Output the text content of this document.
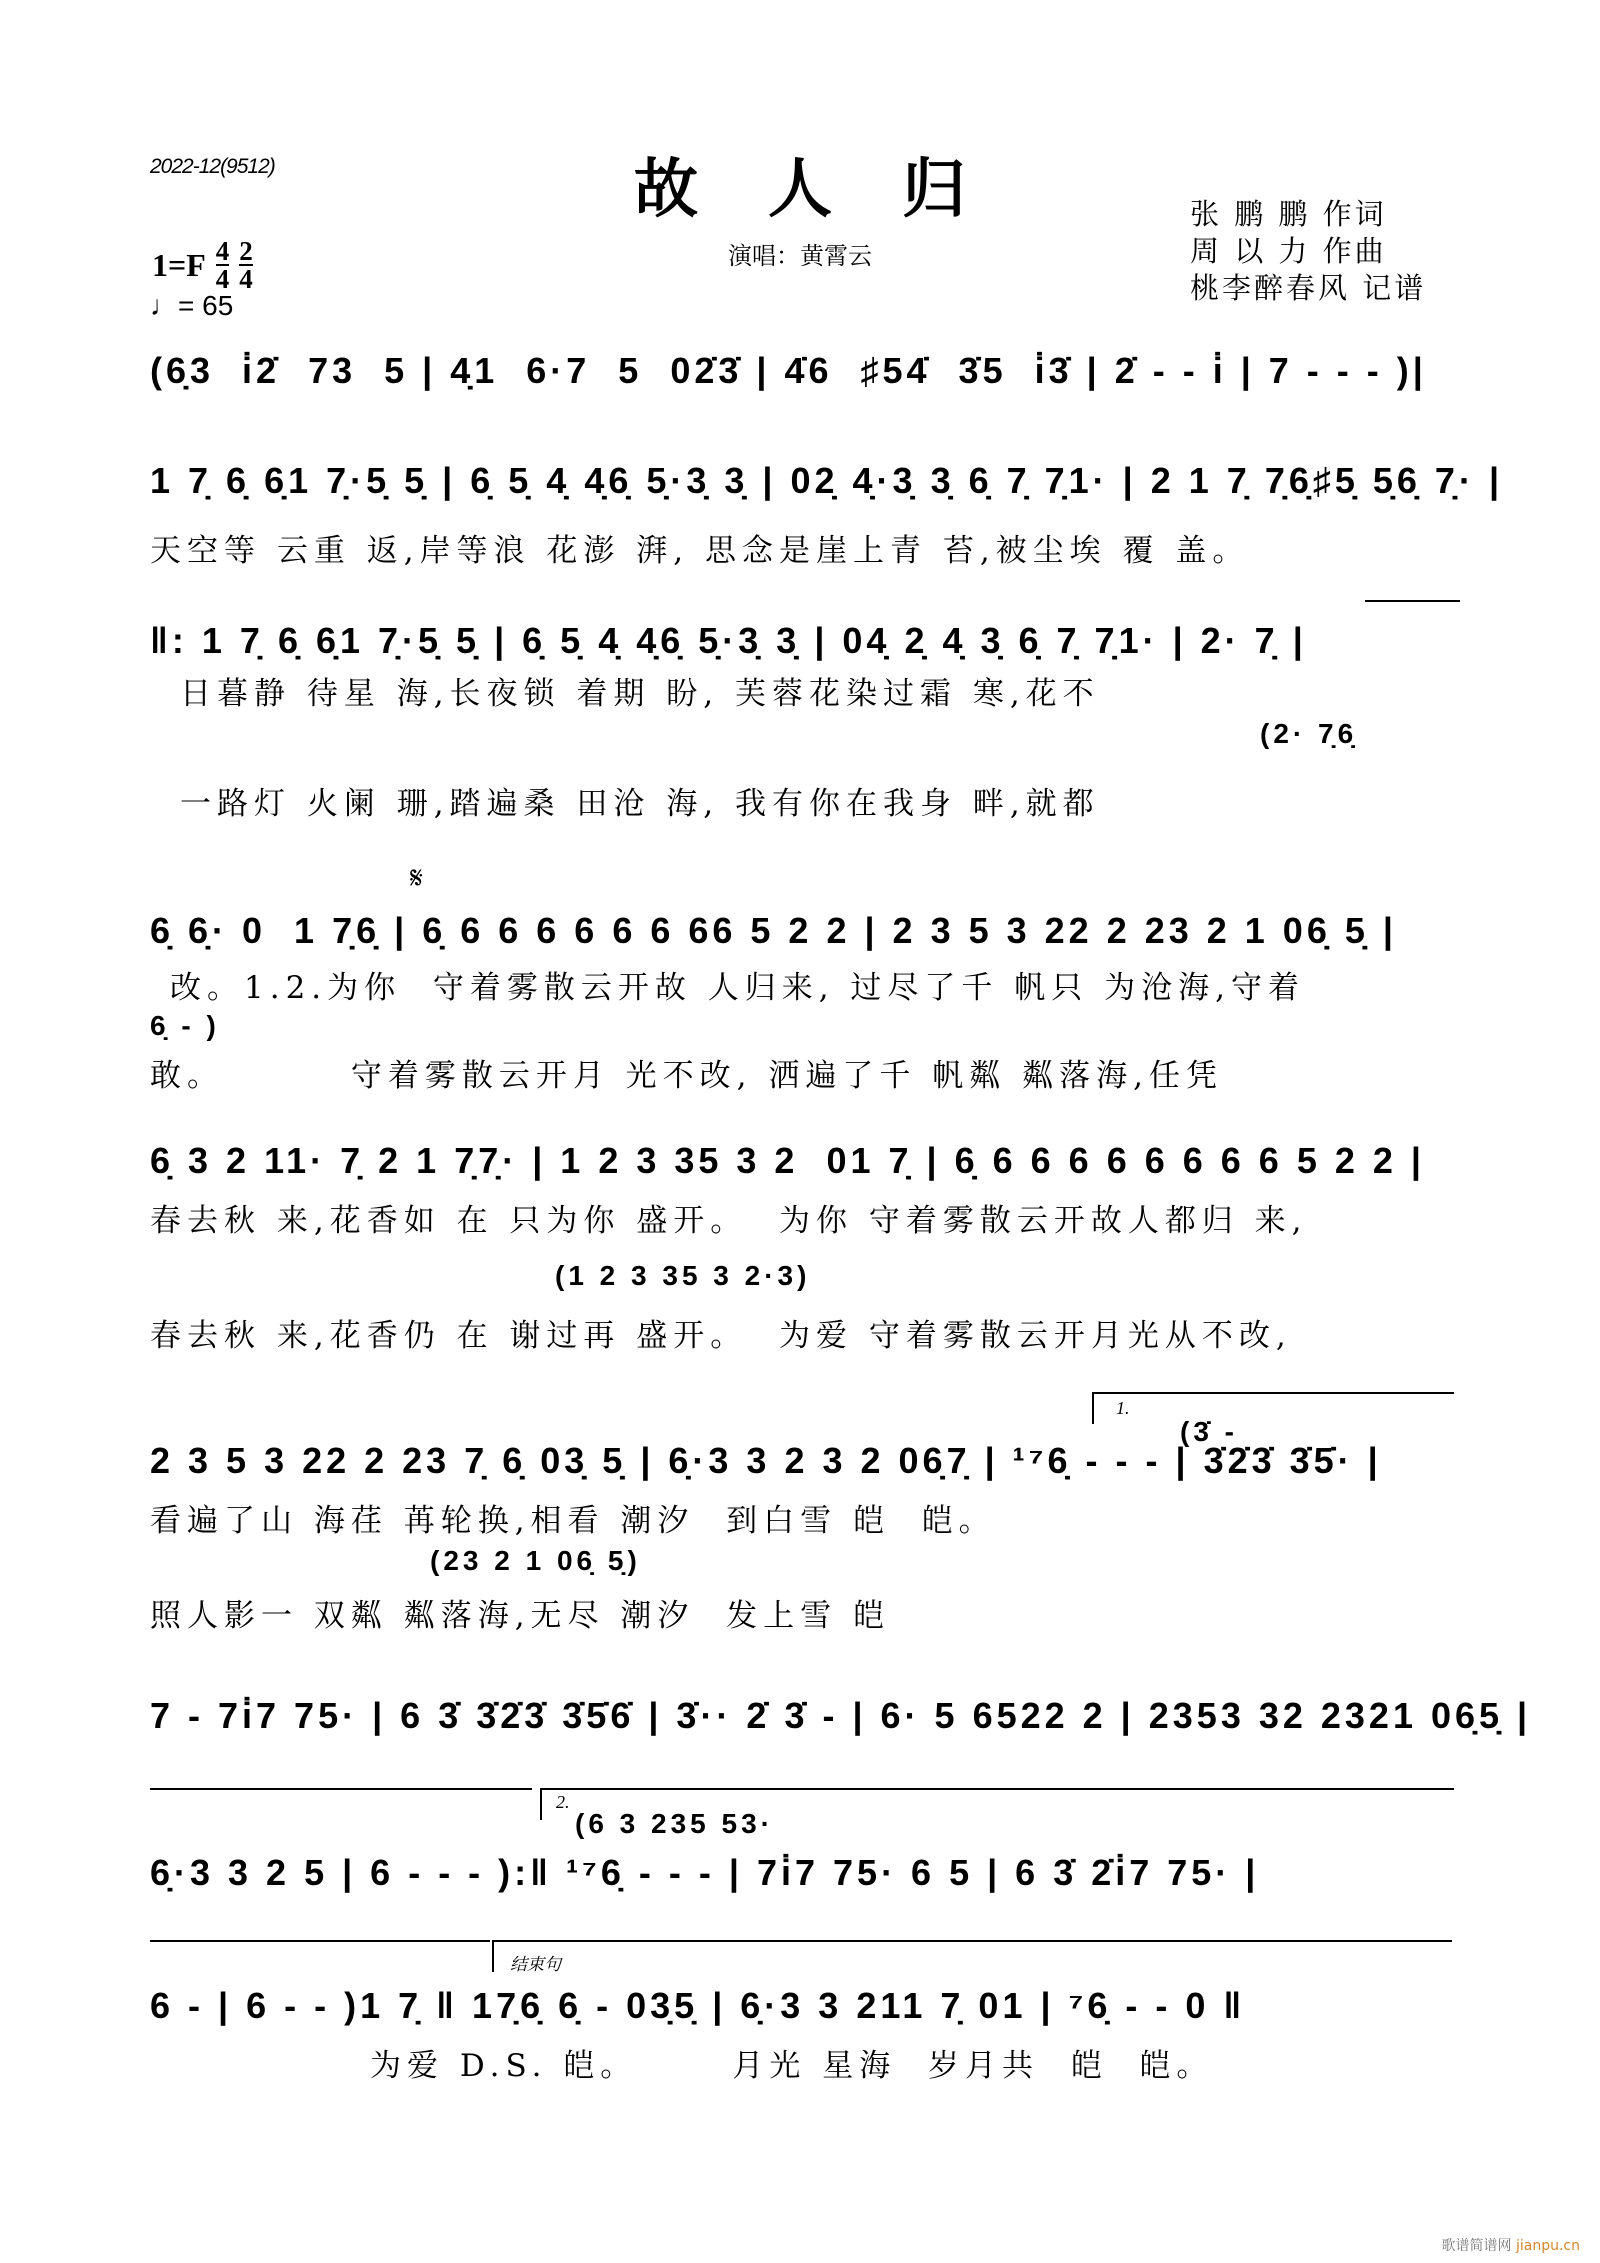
2022-12(9512)	故人归
演唱：黄霄云
$1=F \frac{4}{4} \frac{2}{4}$
♩= 65
张 鹏 鹏 作词
周 以 力 作曲
桃李醉春风 记谱
(6̣3  i̇2̇  73  5 | 4̣1  6·7  5  02̇3̇ | 4̇6  ♯54̇  3̇5  i̇3̇ | 2̇ - - i̇ | 7 - - - )|
1 7̣ 6̣ 6̣1 7̣·5̣ 5̣ | 6̣ 5̣ 4̣ 4̣6̣ 5̣·3̣ 3̣ | 02̣ 4̣·3̣ 3̣ 6̣ 7̣ 7̣1· | 2 1 7̣ 7̣6̣♯5̣ 5̣6̣ 7̣· |
天空等 云重 返,岸等浪 花澎 湃, 思念是崖上青 苔,被尘埃 覆 盖。
‖: 1 7̣ 6̣ 6̣1 7̣·5̣ 5̣ | 6̣ 5̣ 4̣ 4̣6̣ 5̣·3̣ 3̣ | 04̣ 2̣ 4̣ 3̣ 6̣ 7̣ 7̣1· | 2· 7̣ |
日暮静 待星 海,长夜锁 着期 盼, 芙蓉花染过霜 寒,花不
(2· 7̣6̣
一路灯 火阑 珊,踏遍桑 田沧 海, 我有你在我身 畔,就都
𝄋
6̣ 6̣· 0  1 7̣6̣ | 6̣ 6 6 6 6 6 6 66 5 2 2 | 2 3 5 3 22 2 23 2 1 06̣ 5̣ |
改。1.2.为你  守着雾散云开故 人归来, 过尽了千 帆只 为沧海,守着
6̣ - )
敢。        守着雾散云开月 光不改, 洒遍了千 帆粼 粼落海,任凭
6̣ 3 2 11· 7̣ 2 1 7̣7̣· | 1 2 3 35 3 2  01 7̣ | 6̣ 6 6 6 6 6 6 6 6 5 2 2 |
春去秋 来,花香如 在 只为你 盛开。  为你 守着雾散云开故人都归 来,
(1 2 3 35 3 2·3)
春去秋 来,花香仍 在 谢过再 盛开。  为爱 守着雾散云开月光从不改,
1.
(3̇ -
2 3 5 3 22 2 23 7̣ 6̣ 03̣ 5̣ | 6̣·3 3 2 3 2 06̣7̣ | ¹⁷6̣ - - - | 3̇2̇3̇ 3̇5̇· |
看遍了山 海荏 苒轮换,相看 潮汐  到白雪 皑  皑。
(23 2 1 06̣ 5̣)
照人影一 双粼 粼落海,无尽 潮汐  发上雪 皑
7 - 7i̇7 75· | 6 3̇ 3̇2̇3̇ 3̇5̇6̇ | 3̇·· 2̇ 3̇ - | 6· 5 6522 2 | 2353 32 2321 06̣5̣ |
2.
(6 3 235 53·
6̣·3 3 2 5 | 6 - - - ):‖ ¹⁷6̣ - - - | 7i̇7 75· 6 5 | 6 3̇ 2̇i̇7 75· |
结束句
6 - | 6 - - )1 7̣ ‖ 17̣6̣ 6̣ - 03̣5̣ | 6̣·3 3 211 7̣ 01 | ⁷6̣ - - 0 ‖
为爱 D.S. 皑。      月光 星海  岁月共  皑  皑。
歌谱简谱网 jianpu.cn
